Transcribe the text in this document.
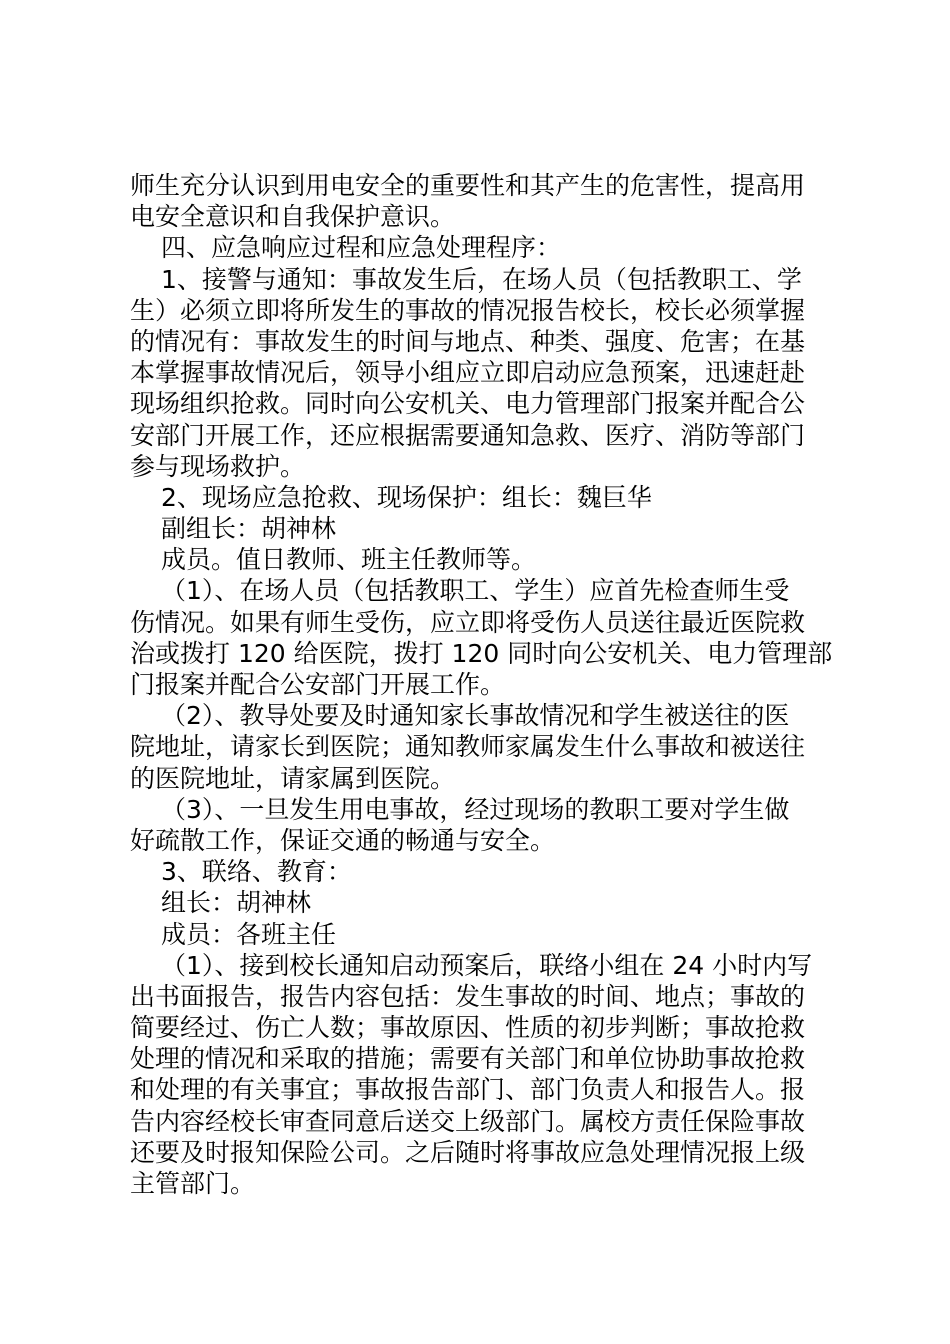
师生充分认识到用电安全的重要性和其产生的危害性，提高用
电安全意识和自我保护意识。
四、应急响应过程和应急处理程序：
1、接警与通知：事故发生后，在场人员（包括教职工、学
生）必须立即将所发生的事故的情况报告校长，校长必须掌握
的情况有：事故发生的时间与地点、种类、强度、危害；在基
本掌握事故情况后，领导小组应立即启动应急预案，迅速赶赴
现场组织抢救。同时向公安机关、电力管理部门报案并配合公
安部门开展工作，还应根据需要通知急救、医疗、消防等部门
参与现场救护。
2、现场应急抢救、现场保护：组长：魏巨华
副组长：胡神林
成员。值日教师、班主任教师等。
（1）、在场人员（包括教职工、学生）应首先检查师生受
伤情况。如果有师生受伤，应立即将受伤人员送往最近医院救
治或拨打 120 给医院，拨打 120 同时向公安机关、电力管理部
门报案并配合公安部门开展工作。
（2）、教导处要及时通知家长事故情况和学生被送往的医
院地址，请家长到医院；通知教师家属发生什么事故和被送往
的医院地址，请家属到医院。
（3）、一旦发生用电事故，经过现场的教职工要对学生做
好疏散工作，保证交通的畅通与安全。
3、联络、教育：
组长：胡神林
成员：各班主任
（1）、接到校长通知启动预案后，联络小组在 24 小时内写
出书面报告，报告内容包括：发生事故的时间、地点；事故的
简要经过、伤亡人数；事故原因、性质的初步判断；事故抢救
处理的情况和采取的措施；需要有关部门和单位协助事故抢救
和处理的有关事宜；事故报告部门、部门负责人和报告人。报
告内容经校长审查同意后送交上级部门。属校方责任保险事故
还要及时报知保险公司。之后随时将事故应急处理情况报上级
主管部门。
